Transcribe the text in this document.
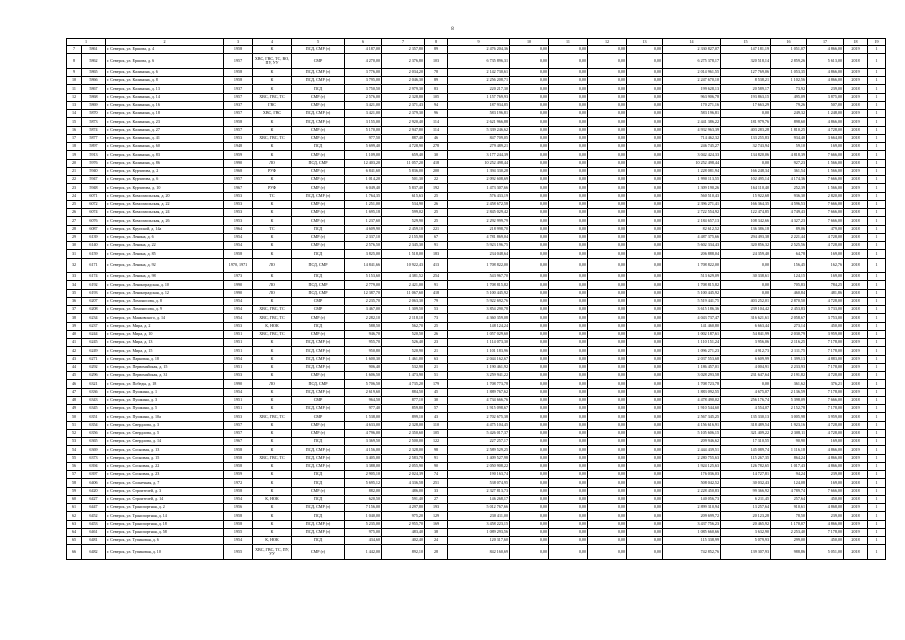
8
1		2	3	4	5	6	7	8	9	10	11	12	13	14	15	16	17	18	19
7	5861	г. Северск, ул. Ершова, д. 4	1958	К	ПСД, СМР (т)	4 187,00	2 357,80	89	2 476 204,36	0,00	0,00	0,00	0,00	2 330 827,07	147 181,19	1 051,07	4 866,00	2019	1
8	5862	г. Северск, ул. Ершова, д. 6	1957	ХВС, ГВС, ТС, ВО, ПУ, УУ	СМР	4 270,00	2 376,80	103	6 735 896,31	0,00	0,00	0,00	0,00	6 275 378,17	320 518,14	2 859,26	5 613,00	2018	1
9	5865	г. Северск, ул. Калинина, д. 6	1958	К	ПСД, СМР (т)	3 776,00	2 034,20	78	2 142 730,61	0,00	0,00	0,00	0,00	2 014 961,55	127 769,06	1 053,35	4 866,00	2019	1
10	5866	г. Северск, ул. Калинина, д. 8	1958	К	ПСД, СМР (т)	3 795,00	2 046,30	89	2 256 208,71	0,00	0,00	0,00	0,00	2 247 670,10	8 538,21	1 102,56	4 866,00	2019	1
11	5867	г. Северск, ул. Калинина, д. 13	1937	К	ПСД	3 750,50	2 979,30	83	220 217,30	0,00	0,00	0,00	0,00	199 628,13	20 589,17	73,92	239,00	2018	1
12	5868	г. Северск, ул. Калинина, д. 14	1957	ХВС, ГВС, ТС	СМР (т)	2 576,00	2 328,80	105	1 157 769,93	0,00	0,00	0,00	0,00	963 906,78	193 863,15	495,09	3 875,00	2019	1
13	5869	г. Северск, ул. Калинина, д. 16	1937	ГВС	СМР (т)	3 421,00	2 371,43	94	187 934,85	0,00	0,00	0,00	0,00	170 271,16	17 663,29	79,26	507,00	2018	1
14	5870	г. Северск, ул. Калинина, д. 18	1957	ХВС, ГВС	ПСД, СМР (т)	3 421,00	2 379,30	96	583 196,81	0,00	0,00	0,00	0,00	583 196,81	0,00	249,32	1 248,00	2019	1
15	5873	г. Северск, ул. Калинина, д. 23	1958	К	ПСД, СМР (т)	3 155,00	2 920,40	114	2 621 966,88	0,00	0,00	0,00	0,00	2 441 386,22	181 979,76	898,60	4 866,00	2019	1
16	5874	г. Северск, ул. Калинина, д. 27	1957	К	СМР (т)	5 170,00	2 947,80	114	5 339 246,62	0,00	0,00	0,00	0,00	4 932 963,39	403 283,28	1 810,25	4 728,00	2018	1
17	5877	г. Северск, ул. Калинина, д. 41	1953	ХВС, ГВС, ТС	СМР (т)	977,50	887,40	46	847 709,05	0,00	0,00	0,00	0,00	714 462,32	133 255,83	934,40	3 664,00	2018	1
18	5897	г. Северск, ул. Калинина, д. 60	1948	К	ПСД	5 699,40	4 728,90	278	279 489,21	0,00	0,00	0,00	0,00	246 745,27	32 743,94	59,10	169,00	2018	1
19	5913	г. Северск, ул. Калинина, д. 83	1959	К	СМР (т)	1 109,00	659,40	30	3 177 244,39	0,00	0,00	0,00	0,00	3 042 424,33	134 820,06	4 818,39	7 666,00	2018	1
20	5976	г. Северск, ул. Калинина, д. 86	1990	ЛО	ПСД, СМР	12 403,20	11 057,20	418	10 252 498,44	0,00	0,00	0,00	0,00	10 252 498,44	0,00	927,23	1 566,00	2018	1
21	5940	г. Северск, ул. Курчатова, д. 2	1968	РУФ	СМР (т)	6 841,60	5 836,00	200	1 394 330,28	0,00	0,00	0,00	0,00	1 228 081,94	166 248,34	361,54	1 566,00	2019	1
22	5947	г. Северск, ул. Курчатова, д. 6	1957	К	СМР (т)	1 014,20	501,30	22	2 092 608,69	0,00	0,00	0,00	0,00	1 990 113,55	102 495,14	4 174,36	7 666,00	2018	1
23	5948	г. Северск, ул. Курчатова, д. 10	1967	РУФ	СМР (т)	6 049,40	5 837,40	192	1 473 307,66	0,00	0,00	0,00	0,00	1 309 190,26	164 110,40	252,39	1 566,00	2019	1
24	6071	г. Северск, ул. Комсомольская, д. 20	1953	ТС	ПСД, СМР (т)	1 764,35	615,63	25	576 433,19	0,00	0,00	0,00	0,00	560 510,43	15 922,68	936,30	2 820,00	2019	1
25	6072	г. Северск, ул. Комсомольская, д. 22	1953	К	СМР (т)	1 251,00	534,90	26	2 458 672,58	0,00	0,00	0,00	0,00	2 396 271,41	166 364,35	4 596,53	7 666,00	2018	1
26	6074	г. Северск, ул. Комсомольская, д. 24	1953	К	СМР (т)	1 695,18	599,02	25	2 845 029,42	0,00	0,00	0,00	0,00	2 722 554,92	122 474,85	4 749,43	7 666,00	2018	1
27	6076	г. Северск, ул. Комсомольская, д. 26	1953	К	СМР (т)	1 237,60	529,90	25	2 292 999,79	0,00	0,00	0,00	0,00	2 184 657,13	108 342,66	4 327,23	7 666,00	2018	1
28	6087	г. Северск, ул. Крупской, д. 14а	1964	ТС	ПСД	4 609,90	2 459,10	221	218 998,70	0,00	0,00	0,00	0,00	82 612,52	136 386,18	89,06	479,00	2018	1
29	6139	г. Северск, ул. Ленина, д. 6	1954	К	СМР (т)	2 337,10	2 155,90	67	4 781 869,04	0,00	0,00	0,00	0,00	4 487 375,66	294 493,38	2 221,44	4 728,00	2018	1
30	6140	г. Северск, ул. Ленина, д. 22	1954	К	СМР (т)	2 576,50	2 345,30	91	5 923 196,75	0,00	0,00	0,00	0,00	5 602 334,43	320 856,32	2 525,56	4 728,00	2018	1
31	6159	г. Северск, ул. Ленина, д. 85	1958	К	ПСД	3 825,00	1 518,00	183	234 048,64	0,00	0,00	0,00	0,00	206 888,04	24 359,40	64,78	169,00	2018	1
32	6171	г. Северск, ул. Ленина, д. 92	1970, 1971	ЛО	ПСД, СМР	14 841,66	10 922,43	413	1 708 822,00	0,00	0,00	0,00	0,00	1 708 822,00	0,00	156,45	162,76	2018	1
33	6174	г. Северск, ул. Ленина, д. 98	1973	К	ПСД	5 153,60	4 381,52	254	543 967,70	0,00	0,00	0,00	0,00	513 629,09	30 338,61	124,15	169,00	2018	1
34	6192	г. Северск, ул. Ленинградская, д. 10	1990	ЛО	ПСД, СМР	2 779,00	2 421,00	91	1 708 815,82	0,00	0,00	0,00	0,00	1 708 815,82	0,00	705,83	784,25	2018	1
35	6193	г. Северск, ул. Ленинградская, д. 12	1990	ЛО	ПСД, СМР	12 387,70	11 067,60	418	5 100 445,92	0,00	0,00	0,00	0,00	5 100 445,92	0,00	460,84	481,86	2018	1
36	6207	г. Северск, ул. Ломоносова, д. 8	1954	К	СМР	2 235,70	2 063,30	79	5 922 692,76	0,00	0,00	0,00	0,00	5 519 441,75	403 252,01	2 870,50	4 728,00	2018	1
37	6208	г. Северск, ул. Ломоносова, д. 9	1954	ХВС, ГВС, ТС	СМР	3 467,00	1 309,50	53	3 854 290,78	0,00	0,00	0,00	0,00	3 615 186,36	239 104,42	2 453,83	3 733,00	2018	1
38	6234	г. Северск, ул. Маяковского, д. 14	1954	ХВС, ГВС, ТС	СМР (т)	2 282,10	2 118,10	73	4 360 359,08	0,00	0,00	0,00	0,00	4 043 737,47	316 621,61	2 058,67	3 753,00	2018	1
39	6237	г. Северск, ул. Мира, д. 2	1953	К, НОК	ПСД	588,50	562,70	25	148 124,24	0,00	0,00	0,00	0,00	141 460,80	6 663,44	273,14	450,00	2018	1
40	6244	г. Северск, ул. Мира, д. 10	1951	ХВС, ГВС, ТС	СМР (т)	946,70	520,50	26	1 057 029,60	0,00	0,00	0,00	0,00	1 002 187,61	54 841,99	2 030,79	3 959,00	2018	1
41	6245	г. Северск, ул. Мира, д. 13	1951	К	ПСД, СМР (т)	955,70	526,40	23	1 114 073,30	0,00	0,00	0,00	0,00	1 110 151,24	3 956,06	2 116,25	7 178,00	2019	1
42	6249	г. Северск, ул. Мира, д. 15	1951	К	ПСД, СМР (т)	950,80	520,90	21	1 101 183,96	0,00	0,00	0,00	0,00	1 096 271,23	4 912,73	2 111,75	7 178,00	2019	1
43	6271	г. Северск, ул. Парковая, д. 18	1954	К	ПСД, СМР (т)	1 600,30	1 461,00	63	2 044 162,67	0,00	0,00	0,00	0,00	2 037 553,68	6 609,99	1 399,13	4 883,00	2019	1
44	6292	г. Северск, ул. Первомайская, д. 15	1951	К	ПСД, СМР (т)	906,40	532,90	21	1 190 461,92	0,00	0,00	0,00	0,00	1 186 457,01	4 004,91	2 233,93	7 178,00	2019	1
45	6296	г. Северск, ул. Первомайская, д. 31	1953	К	СМР (т)	1 606,50	1 473,90	51	3 259 941,22	0,00	0,00	0,00	0,00	3 028 293,58	231 647,64	2 191,82	4 728,00	2018	1
46	6321	г. Северск, ул. Победы, д. 18	1990	ЛО	ПСД, СМР	5 706,50	4 735,20	179	1 708 773,78	0,00	0,00	0,00	0,00	1 708 723,78	0,00	361,62	376,21	2018	1
47	6336	г. Северск, ул. Пушкина, д. 1	1954	К	ПСД, СМР (т)	2 619,60	884,50	45	1 889 767,62	0,00	0,00	0,00	0,00	1 883 092,55	4 675,07	2 136,59	7 178,00	2019	1
48	6343	г. Северск, ул. Пушкина, д. 3	1951	К	СМР	964,50	877,10	30	4 734 666,76	0,00	0,00	0,00	0,00	4 478 490,02	256 176,74	5 398,09	7 666,00	2018	1
49	6345	г. Северск, ул. Пушкина, д. 5	1951	К	ПСД, СМР (т)	977,40	859,80	57	1 915 098,67	0,00	0,00	0,00	0,00	1 910 544,60	4 554,07	2 152,78	7 178,00	2019	1
50	6351	г. Северск, ул. Пушкина, д. 10а	1953	ХВС, ГВС, ТС	СМР	1 538,00	899,10	43	2 702 675,38	0,00	0,00	0,00	0,00	2 567 345,25	135 330,13	3 005,98	3 959,00	2018	1
51	6354	г. Северск, ул. Свердлова, д. 3	1957	К	СМР (т)	4 633,00	2 328,00	110	4 475 104,45	0,00	0,00	0,00	0,00	4 156 616,91	318 489,54	1 923,16	4 728,00	2018	1
52	6356	г. Северск, ул. Свердлова, д. 5	1957	К	СМР (т)	4 796,00	2 350,60	105	5 426 017,37	0,00	0,00	0,00	0,00	5 105 606,15	321 409,22	2 308,11	4 728,00	2018	1
53	6365	г. Северск, ул. Свердлова, д. 14	1967	К	ПСД	3 369,50	2 500,00	122	227 257,17	0,00	0,00	0,00	0,00	209 946,62	17 310,55	90,90	169,00	2018	1
54	6369	г. Северск, ул. Сосновая, д. 13	1958	К	ПСД, СМР (т)	4 156,00	2 328,00	98	2 589 529,25	0,00	0,00	0,00	0,00	2 444 439,51	145 089,74	1 116,18	4 866,00	2019	1
55	6373	г. Северск, ул. Сосновая, д. 15	1958	ХВС, ГВС, ТС	ПСД, СМР (т)	3 405,00	2 583,70	91	1 409 527,98	0,00	0,00	0,00	0,00	2 280 755,63	115 267,35	864,24	4 866,00	2019	1
56	6394	г. Северск, ул. Сосновая, д. 22	1958	К	ПСД, СМР (т)	3 388,00	2 055,90	90	2 050 908,22	0,00	0,00	0,00	0,00	1 924 125,63	126 782,65	1 017,43	4 866,00	2019	1
57	6397	г. Северск, ул. Сосновая, д. 23	1959	К	ПСД	2 905,10	2 024,39	74	190 163,74	0,00	0,00	0,00	0,00	176 036,03	14 727,81	94,24	239,00	2018	1
58	6406	г. Северск, ул. Солнечная, д. 7	1972	К	ПСД	5 695,12	4 336,58	251	538 074,95	0,00	0,00	0,00	0,00	508 042,52	30 032,43	124,08	169,00	2018	1
59	6420	г. Северск, ул. Строителей, д. 3	1958	К	СМР (т)	882,00	486,00	33	2 327 813,73	0,00	0,00	0,00	0,00	2 228 450,83	99 366,92	4 789,74	7 666,00	2018	1
60	6427	г. Северск, ул. Строителей, д. 14	1954	К, НОК	ПСД	620,50	591,40	27	146 268,17	0,00	0,00	0,00	0,00	140 056,73	6 211,45	257,64	450,00	2018	1
61	6447	г. Северск, ул. Транспортная, д. 2	1956	К	ПСД, СМР (т)	7 156,00	4 297,80	193	5 012 767,66	0,00	0,00	0,00	0,00	2 899 310,94	13 257,64	910,61	4 868,00	2019	1
62	6452	г. Северск, ул. Транспортная, д. 14	1958	К	ПСД	1 040,00	975,20	129	230 411,00	0,00	0,00	0,00	0,00	209 699,72	20 123,28	78,50	239,00	2018	1
63	6453	г. Северск, ул. Транспортная, д. 18	1958	К	ПСД, СМР (т)	5 235,00	2 955,70	169	3 458 223,15	0,00	0,00	0,00	0,00	3 437 756,23	20 465,92	1 170,07	4 866,00	2019	1
64	6461	г. Северск, ул. Транспортная, д. 58	1955	К	ПСД, СМР (т)	975,00	483,40	38	1 089 293,56	0,00	0,00	0,00	0,00	1 085 660,66	3 632,90	2 253,40	7 178,00	2019	1
65	6481	г. Северск, ул. Тупиковая, д. 6	1954	К, НОК	ПСД	434,60	402,40	24	120 317,60	0,00	0,00	0,00	0,00	115 338,99	5 079,93	299,00	450,00	2018	1
66	6482	г. Северск, ул. Тупиковая, д. 10	1955	ХВС, ГВС, ТС, ПУ, УУ	СМР (т)	1 442,00	892,10	28	842 160,69	0,00	0,00	0,00	0,00	742 852,76	139 307,93	988,86	5 051,00	2018	1
